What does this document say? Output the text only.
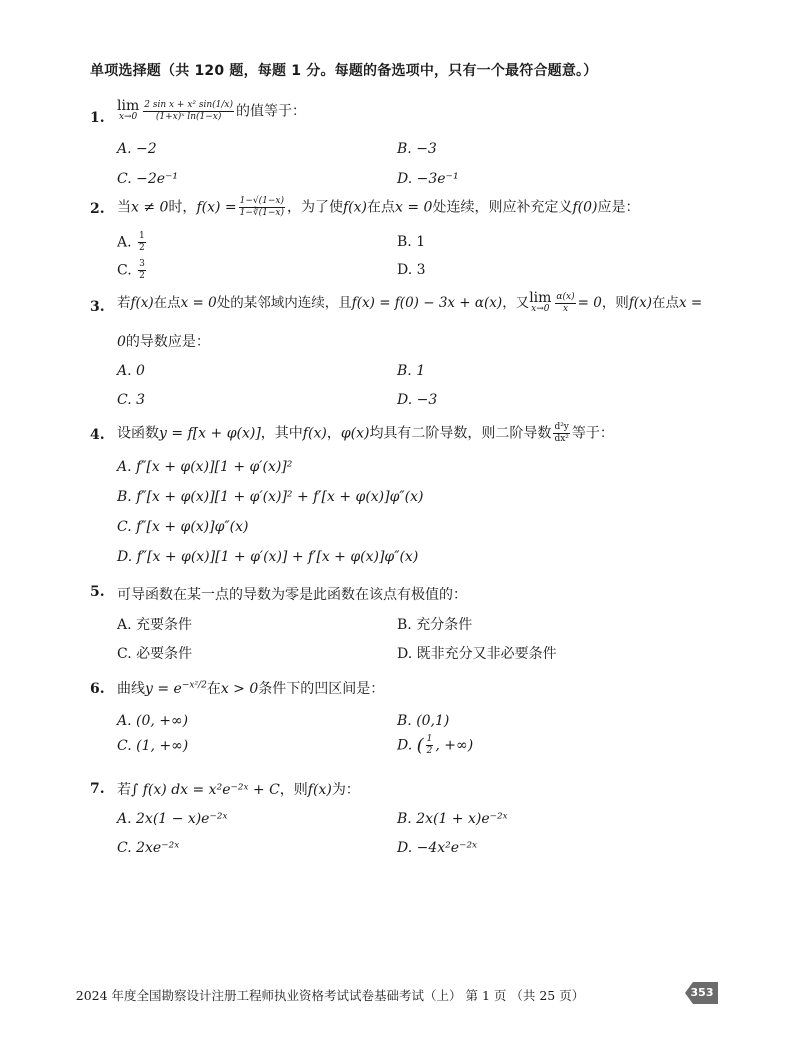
单项选择题（共 120 题，每题 1 分。每题的备选项中，只有一个最符合题意。）
1.
lim
$x\to 0 \frac{\text{2 sin x + x² sin(1/x)}}{\text{(1+x)ˣ ln(1−x)}}$ 的值等于：
A. −2	B. −3
C. −2e⁻¹	D. −3e⁻¹
2. 当x ≠ 0时，$f(x) = \frac{1-√(1-x)}{1-∛(1-x)}$ ，为了使f(x)在点x = 0处连续，则应补充定义f(0)应是：
A. $\frac{1}{2}$	B. 1
C. $\frac{3}{2}$	D. 3
3. 若f(x)在点x = 0处的某邻域内连续，且f(x) = f(0) − 3x + α(x)，又 lim
$x\to 0 \frac{\alpha(x)}{x} = 0$，则f(x)在点x =
0的导数应是：
A. 0	B. 1
C. 3	D. −3
4. 设函数y = f[x + φ(x)]，其中f(x)，φ(x)均具有二阶导数，则二阶导数 $\frac{\text{d²y}}{\text{dx²}}$ 等于：
A. f″[x + φ(x)][1 + φ′(x)]²
B. f″[x + φ(x)][1 + φ′(x)]² + f′[x + φ(x)]φ″(x)
C. f″[x + φ(x)]φ″(x)
D. f″[x + φ(x)][1 + φ′(x)] + f′[x + φ(x)]φ″(x)
5. 可导函数在某一点的导数为零是此函数在该点有极值的：
A. 充要条件	B. 充分条件
C. 必要条件	D. 既非充分又非必要条件
6. 曲线$y = e^{-x^2/2}$在x > 0条件下的凹区间是：
A. (0, +∞)	B. (0,1)
C. (1, +∞)	D. ( $\frac{1}{2}$ , +∞)
7. 若∫ f(x) dx = x²e⁻²ˣ + C，则f(x)为：
A. 2x(1 − x)e⁻²ˣ	B. 2x(1 + x)e⁻²ˣ
C. 2xe⁻²ˣ	D. −4x²e⁻²ˣ
2024 年度全国勘察设计注册工程师执业资格考试试卷基础考试（上） 第 1 页 （共 25 页）	353
